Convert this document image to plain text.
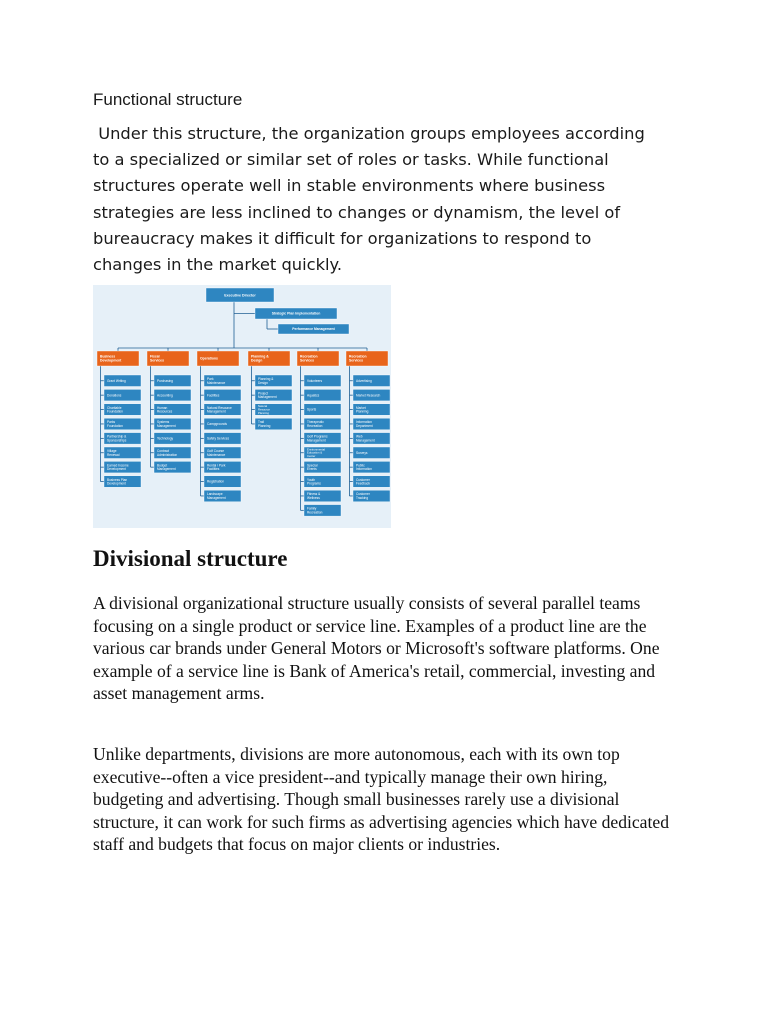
Functional structure

Under this structure, the organization groups employees according
to a specialized or similar set of roles or tasks. While functional
structures operate well in stable environments where business
strategies are less inclined to changes or dynamism, the level of
bureaucracy makes it difficult for organizations to respond to
changes in the market quickly.

Executive Director
Strategic Plan Implementation
Performance Management
Business
Development
Grant Writing
Donations
Charitable
Foundation
Parks
Foundation
Partnership &
Sponsorships
Village
Renewal
Earned Income
Development
Business Plan
Development
Fiscal
Services
Purchasing
Accounting
Human
Resources
Systems
Management
Technology
Contract
Administration
Budget
Management
Operations
Park
Maintenance
Facilities
Natural Resource
Management
Campgrounds
Safety Services
Golf Course
Maintenance
Rental / Park
Facilities
Registration
Landscape
Management
Planning &
Design
Planning &
Design
Project
Management
Natural
Resource
Planning
Trail
Planning
Recreation
Services
Volunteers
Aquatics
Sports
Therapeutic
Recreation
Golf Programs
Management
Environmental
Education &
Center
Special
Events
Youth
Programs
Fitness &
Wellness
Family
Recreation
Recreation
Services
Advertising
Market Research
Market
Planning
Information
Department
Web
Management
Surveys
Public
Information
Customer
Feedback
Customer
Tracking
Divisional structure

A divisional organizational structure usually consists of several parallel teams focusing on a single product or service line. Examples of a product line are the various car brands under General Motors or Microsoft's software platforms. One example of a service line is Bank of America's retail, commercial, investing and asset management arms.

Unlike departments, divisions are more autonomous, each with its own top executive--often a vice president--and typically manage their own hiring, budgeting and advertising. Though small businesses rarely use a divisional structure, it can work for such firms as advertising agencies which have dedicated staff and budgets that focus on major clients or industries.
